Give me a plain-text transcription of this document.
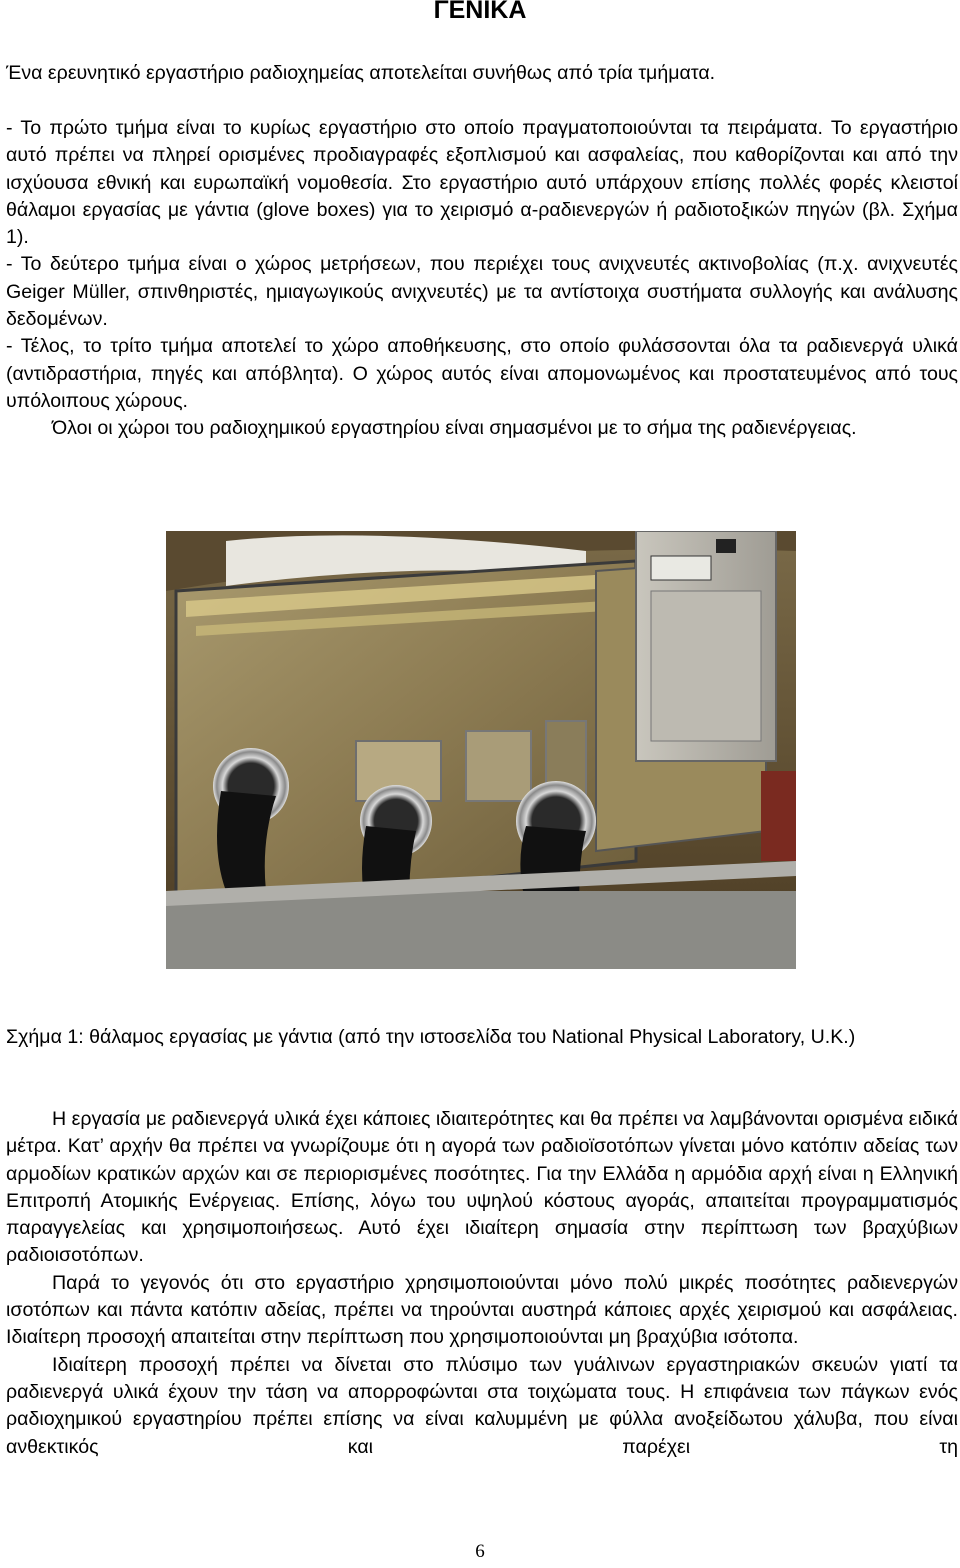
ΓΕΝΙΚΑ

Ένα ερευνητικό εργαστήριο ραδιοχημείας αποτελείται συνήθως από τρία τμήματα.

- Το πρώτο τμήμα είναι το κυρίως εργαστήριο στο οποίο πραγματοποιούνται τα πειράματα. Το εργαστήριο αυτό πρέπει να πληρεί ορισμένες προδιαγραφές εξοπλισμού και ασφαλείας, που καθορίζονται και από την ισχύουσα εθνική και ευρωπαϊκή νομοθεσία. Στο εργαστήριο αυτό υπάρχουν επίσης πολλές φορές κλειστοί θάλαμοι εργασίας με γάντια (glove boxes) για το χειρισμό α-ραδιενεργών ή ραδιοτοξικών πηγών (βλ. Σχήμα 1).

- Το δεύτερο τμήμα είναι ο χώρος μετρήσεων, που περιέχει τους ανιχνευτές ακτινοβολίας (π.χ. ανιχνευτές Geiger Müller, σπινθηριστές, ημιαγωγικούς ανιχνευτές) με τα αντίστοιχα συστήματα συλλογής και ανάλυσης δεδομένων.

- Τέλος, το τρίτο τμήμα αποτελεί το χώρο αποθήκευσης, στο οποίο φυλάσσονται όλα τα ραδιενεργά υλικά (αντιδραστήρια, πηγές και απόβλητα). Ο χώρος αυτός είναι απομονωμένος και προστατευμένος από τους υπόλοιπους χώρους.

Όλοι οι χώροι του ραδιοχημικού εργαστηρίου είναι σημασμένοι με το σήμα της ραδιενέργειας.

Σχήμα 1: θάλαμος εργασίας με γάντια (από την ιστοσελίδα του National Physical Laboratory, U.K.)

Η εργασία με ραδιενεργά υλικά έχει κάποιες ιδιαιτερότητες και θα πρέπει να λαμβάνονται ορισμένα ειδικά μέτρα. Κατ’ αρχήν θα πρέπει να γνωρίζουμε ότι η αγορά των ραδιοϊσοτόπων γίνεται μόνο κατόπιν αδείας των αρμοδίων κρατικών αρχών και σε περιορισμένες ποσότητες. Για την Ελλάδα η αρμόδια αρχή είναι η Ελληνική Επιτροπή Ατομικής Ενέργειας. Επίσης, λόγω του υψηλού κόστους αγοράς, απαιτείται προγραμματισμός παραγγελείας και χρησιμοποιήσεως. Αυτό έχει ιδιαίτερη σημασία στην περίπτωση των βραχύβιων ραδιοισοτόπων.

Παρά το γεγονός ότι στο εργαστήριο χρησιμοποιούνται μόνο πολύ μικρές ποσότητες ραδιενεργών ισοτόπων και πάντα κατόπιν αδείας, πρέπει να τηρούνται αυστηρά κάποιες αρχές χειρισμού και ασφάλειας. Ιδιαίτερη προσοχή απαιτείται στην περίπτωση που χρησιμοποιούνται μη βραχύβια ισότοπα.

Ιδιαίτερη προσοχή πρέπει να δίνεται στο πλύσιμο των γυάλινων εργαστηριακών σκευών γιατί τα ραδιενεργά υλικά έχουν την τάση να απορροφώνται στα τοιχώματα τους. Η επιφάνεια των πάγκων ενός ραδιοχημικού εργαστηρίου πρέπει επίσης να είναι καλυμμένη με φύλλα ανοξείδωτου χάλυβα, που είναι ανθεκτικός και παρέχει τη

6
